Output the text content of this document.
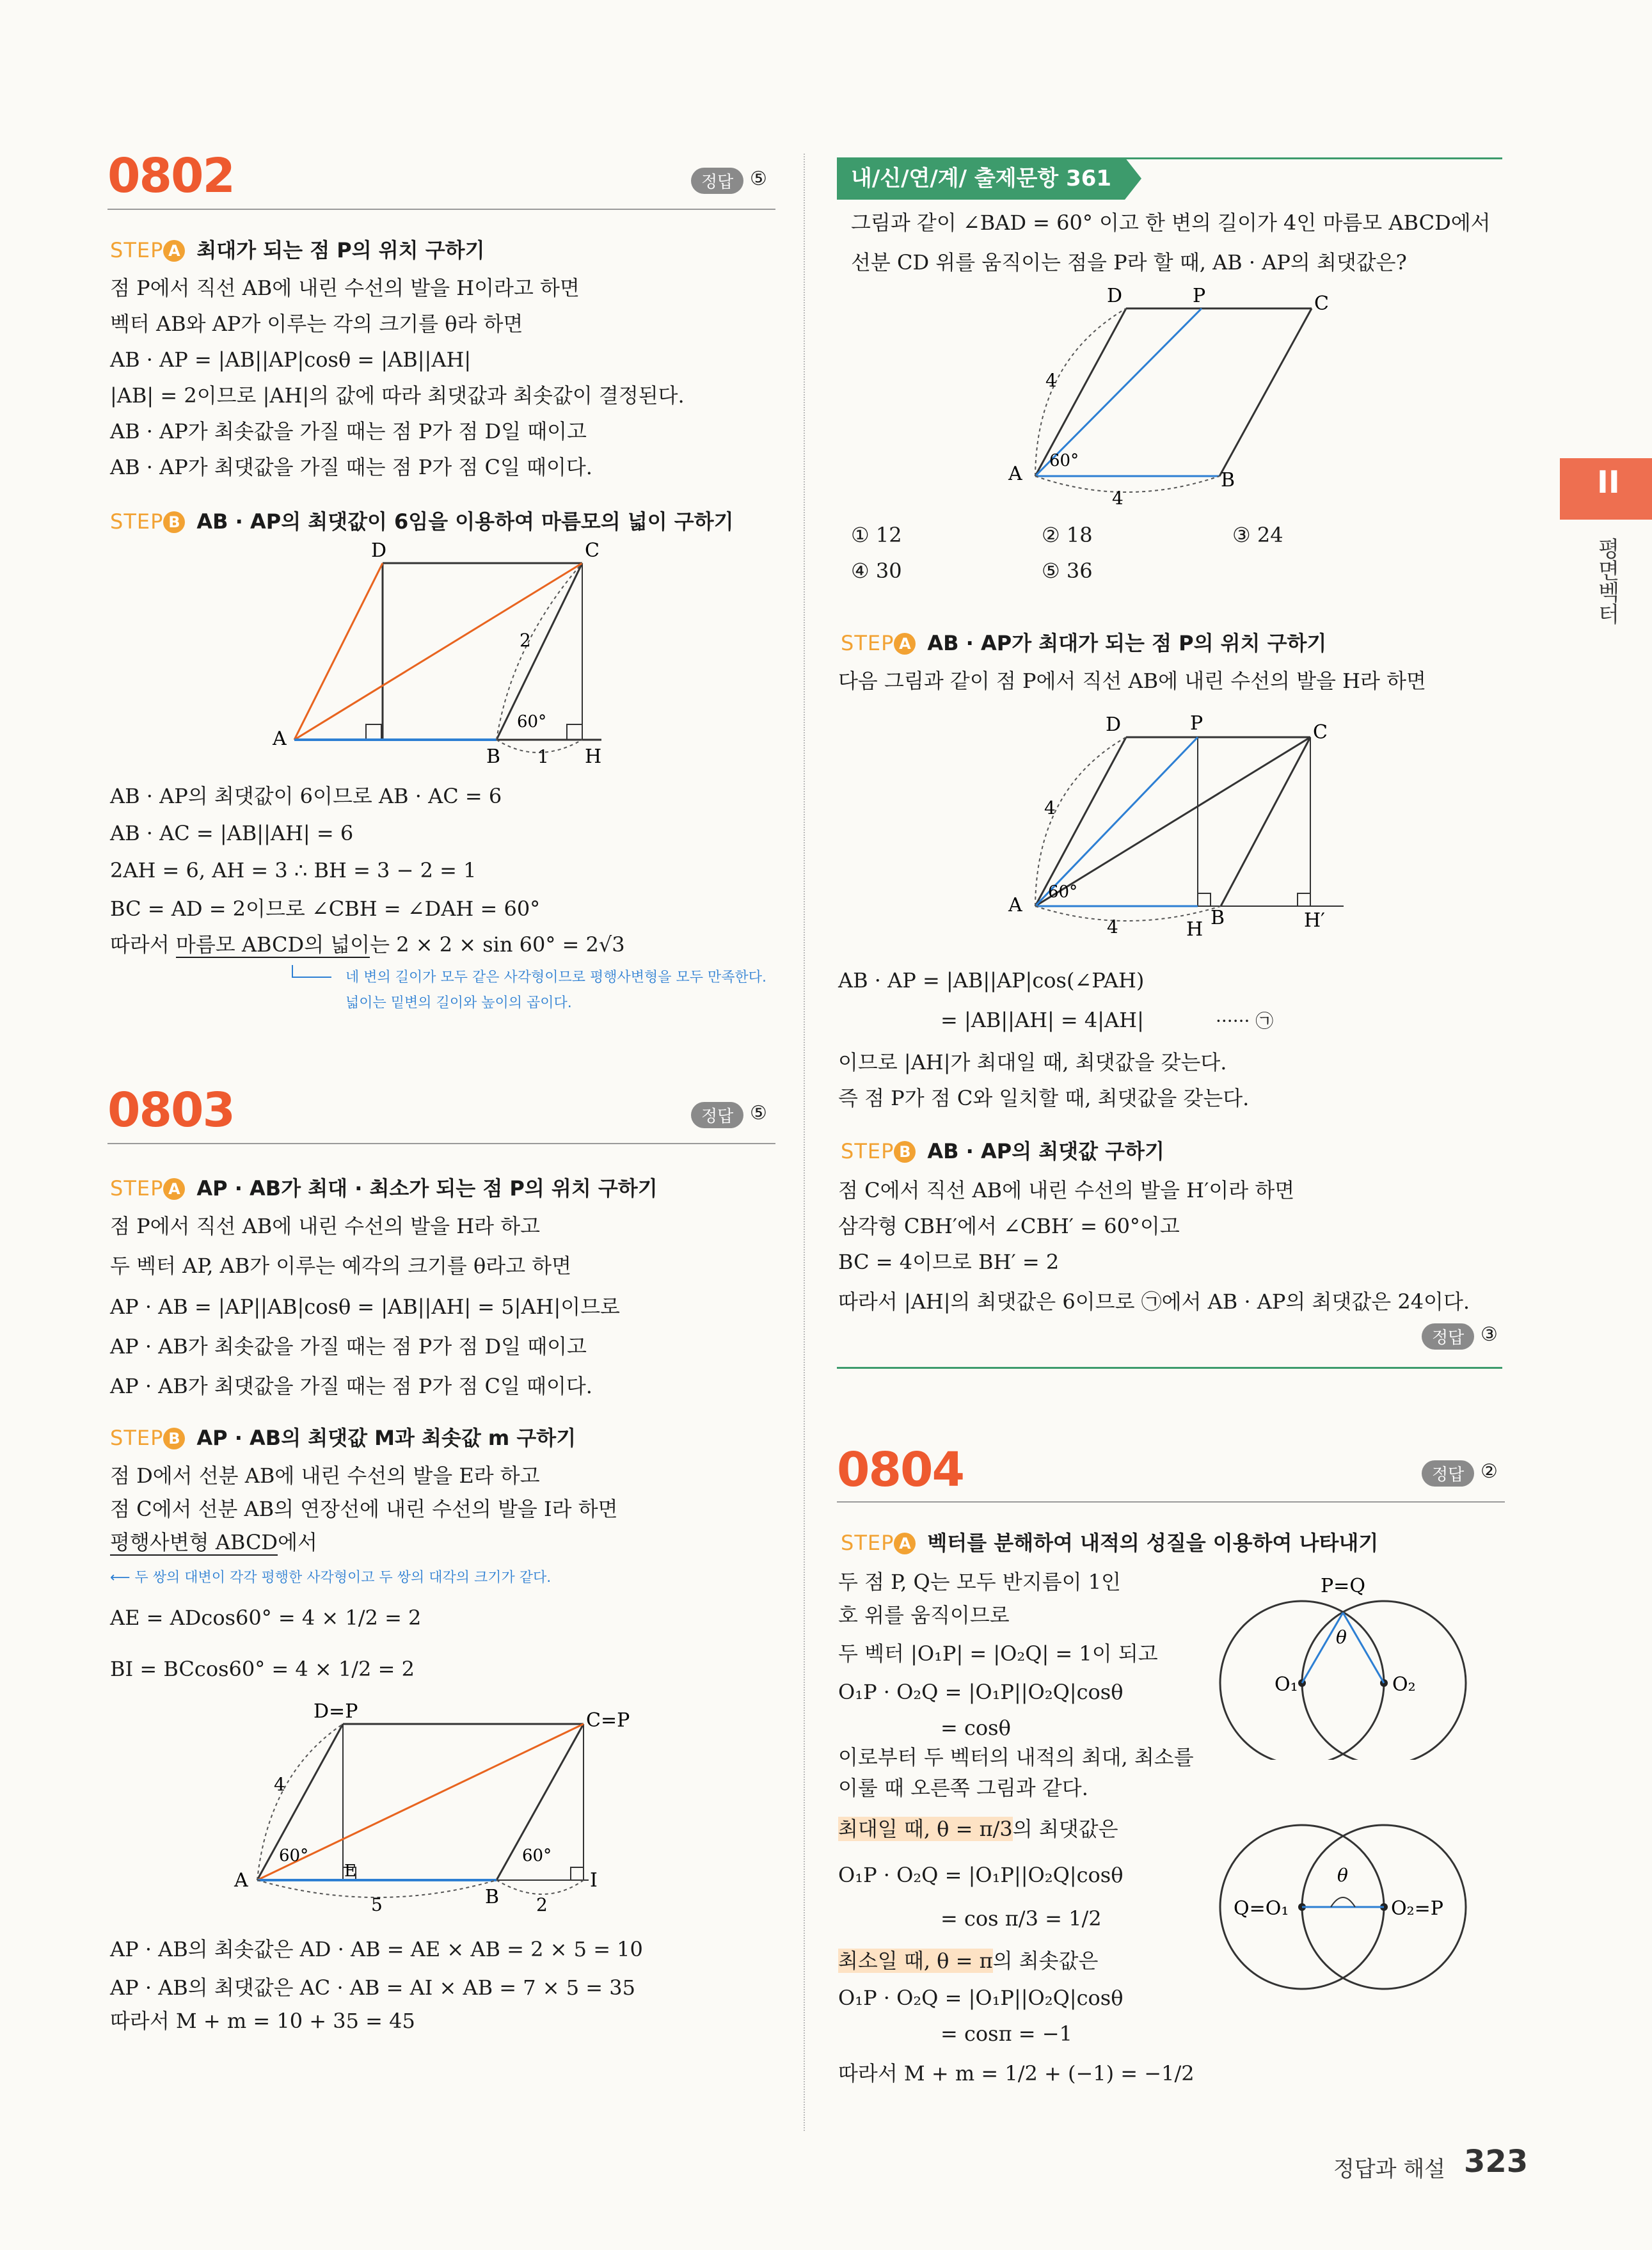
0802	정답 ⑤
STEP A 최대가 되는 점 P의 위치 구하기
점 P에서 직선 AB에 내린 수선의 발을 H이라고 하면
벡터 AB와 AP가 이루는 각의 크기를 θ라 하면
AB · AP = |AB||AP|cosθ = |AB||AH|
|AB| = 2이므로 |AH|의 값에 따라 최댓값과 최솟값이 결정된다.
AB · AP가 최솟값을 가질 때는 점 P가 점 D일 때이고
AB · AP가 최댓값을 가질 때는 점 P가 점 C일 때이다.
STEP B AB · AP의 최댓값이 6임을 이용하여 마름모의 넓이 구하기
D	C
A
B	H
2
1
60°
AB · AP의 최댓값이 6이므로 AB · AC = 6
AB · AC = |AB||AH| = 6
2AH = 6, AH = 3 ∴ BH = 3 − 2 = 1
BC = AD = 2이므로 ∠CBH = ∠DAH = 60°
따라서 마름모 ABCD의 넓이는 2 × 2 × sin 60° = 2√3
네 변의 길이가 모두 같은 사각형이므로 평행사변형을 모두 만족한다.
넓이는 밑변의 길이와 높이의 곱이다.
0803	정답 ⑤
STEP A AP · AB가 최대 · 최소가 되는 점 P의 위치 구하기
점 P에서 직선 AB에 내린 수선의 발을 H라 하고
두 벡터 AP, AB가 이루는 예각의 크기를 θ라고 하면
AP · AB = |AP||AB|cosθ = |AB||AH| = 5|AH|이므로
AP · AB가 최솟값을 가질 때는 점 P가 점 D일 때이고
AP · AB가 최댓값을 가질 때는 점 P가 점 C일 때이다.
STEP B AP · AB의 최댓값 M과 최솟값 m 구하기
점 D에서 선분 AB에 내린 수선의 발을 E라 하고
점 C에서 선분 AB의 연장선에 내린 수선의 발을 I라 하면
평행사변형 ABCD에서
⟵ 두 쌍의 대변이 각각 평행한 사각형이고 두 쌍의 대각의 크기가 같다.
AE = ADcos60° = 4 × 1/2 = 2
BI = BCcos60° = 4 × 1/2 = 2
D=P	C=P
A	E
B
I
4
5	2
60°	60°
AP · AB의 최솟값은 AD · AB = AE × AB = 2 × 5 = 10
AP · AB의 최댓값은 AC · AB = AI × AB = 7 × 5 = 35
따라서 M + m = 10 + 35 = 45
내/신/연/계/ 출제문항 361
그림과 같이 ∠BAD = 60° 이고 한 변의 길이가 4인 마름모 ABCD에서
선분 CD 위를 움직이는 점을 P라 할 때, AB · AP의 최댓값은?
D	P	C
A	B
4
4
60°
① 12	② 18	③ 24
④ 30	⑤ 36
STEP A AB · AP가 최대가 되는 점 P의 위치 구하기
다음 그림과 같이 점 P에서 직선 AB에 내린 수선의 발을 H라 하면
D	P	C
A
B
H	H′
4
4
60°
AB · AP = |AB||AP|cos(∠PAH)
= |AB||AH| = 4|AH|	······ ㉠
이므로 |AH|가 최대일 때, 최댓값을 갖는다.
즉 점 P가 점 C와 일치할 때, 최댓값을 갖는다.
STEP B AB · AP의 최댓값 구하기
점 C에서 직선 AB에 내린 수선의 발을 H′이라 하면
삼각형 CBH′에서 ∠CBH′ = 60°이고
BC = 4이므로 BH′ = 2
따라서 |AH|의 최댓값은 6이므로 ㉠에서 AB · AP의 최댓값은 24이다.
정답 ③
0804	정답 ②
STEP A 벡터를 분해하여 내적의 성질을 이용하여 나타내기
두 점 P, Q는 모두 반지름이 1인
호 위를 움직이므로
두 벡터 |O₁P| = |O₂Q| = 1이 되고
O₁P · O₂Q = |O₁P||O₂Q|cosθ
= cosθ
이로부터 두 벡터의 내적의 최대, 최소를
이룰 때 오른쪽 그림과 같다.
최대일 때, θ = π/3의 최댓값은
O₁P · O₂Q = |O₁P||O₂Q|cosθ
= cos π/3 = 1/2
최소일 때, θ = π의 최솟값은
O₁P · O₂Q = |O₁P||O₂Q|cosθ
= cosπ = −1
따라서 M + m = 1/2 + (−1) = −1/2
P=Q
θ
O₁	O₂
θ
Q=O₁	O₂=P
II
평면벡터
정답과 해설 323
